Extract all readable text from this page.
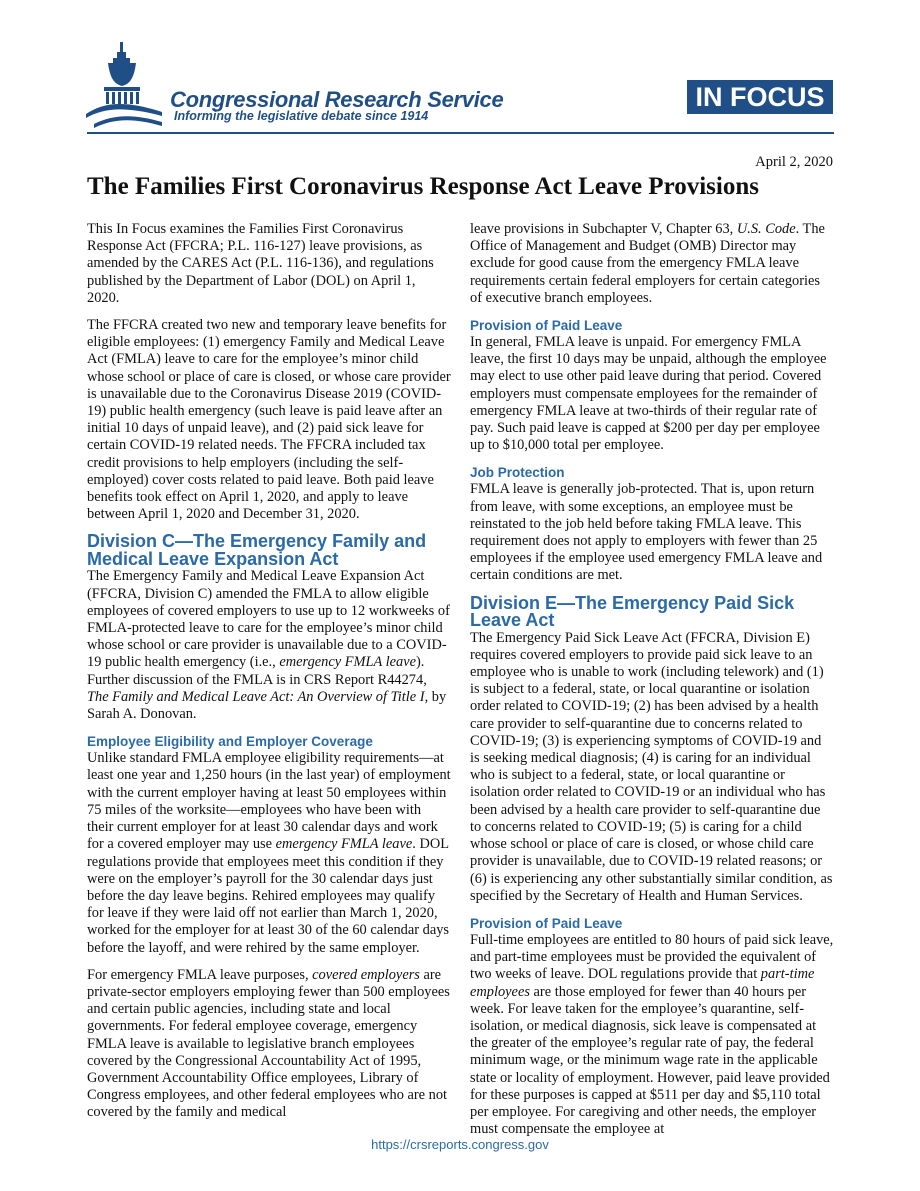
Congressional Research Service
Informing the legislative debate since 1914
IN FOCUS
April 2, 2020
The Families First Coronavirus Response Act Leave Provisions

This In Focus examines the Families First Coronavirus Response Act (FFCRA; P.L. 116-127) leave provisions, as amended by the CARES Act (P.L. 116-136), and regulations published by the Department of Labor (DOL) on April 1, 2020.

The FFCRA created two new and temporary leave benefits for eligible employees: (1) emergency Family and Medical Leave Act (FMLA) leave to care for the employee’s minor child whose school or place of care is closed, or whose care provider is unavailable due to the Coronavirus Disease 2019 (COVID-19) public health emergency (such leave is paid leave after an initial 10 days of unpaid leave), and (2) paid sick leave for certain COVID-19 related needs. The FFCRA included tax credit provisions to help employers (including the self-employed) cover costs related to paid leave. Both paid leave benefits took effect on April 1, 2020, and apply to leave between April 1, 2020 and December 31, 2020.

Division C—The Emergency Family and Medical Leave Expansion Act

The Emergency Family and Medical Leave Expansion Act (FFCRA, Division C) amended the FMLA to allow eligible employees of covered employers to use up to 12 workweeks of FMLA-protected leave to care for the employee’s minor child whose school or care provider is unavailable due to a COVID-19 public health emergency (i.e., emergency FMLA leave). Further discussion of the FMLA is in CRS Report R44274, The Family and Medical Leave Act: An Overview of Title I, by Sarah A. Donovan.

Employee Eligibility and Employer Coverage

Unlike standard FMLA employee eligibility requirements—at least one year and 1,250 hours (in the last year) of employment with the current employer having at least 50 employees within 75 miles of the worksite—employees who have been with their current employer for at least 30 calendar days and work for a covered employer may use emergency FMLA leave. DOL regulations provide that employees meet this condition if they were on the employer’s payroll for the 30 calendar days just before the day leave begins. Rehired employees may qualify for leave if they were laid off not earlier than March 1, 2020, worked for the employer for at least 30 of the 60 calendar days before the layoff, and were rehired by the same employer.

For emergency FMLA leave purposes, covered employers are private-sector employers employing fewer than 500 employees and certain public agencies, including state and local governments. For federal employee coverage, emergency FMLA leave is available to legislative branch employees covered by the Congressional Accountability Act of 1995, Government Accountability Office employees, Library of Congress employees, and other federal employees who are not covered by the family and medical

leave provisions in Subchapter V, Chapter 63, U.S. Code. The Office of Management and Budget (OMB) Director may exclude for good cause from the emergency FMLA leave requirements certain federal employers for certain categories of executive branch employees.

Provision of Paid Leave

In general, FMLA leave is unpaid. For emergency FMLA leave, the first 10 days may be unpaid, although the employee may elect to use other paid leave during that period. Covered employers must compensate employees for the remainder of emergency FMLA leave at two-thirds of their regular rate of pay. Such paid leave is capped at $200 per day per employee up to $10,000 total per employee.

Job Protection

FMLA leave is generally job-protected. That is, upon return from leave, with some exceptions, an employee must be reinstated to the job held before taking FMLA leave. This requirement does not apply to employers with fewer than 25 employees if the employee used emergency FMLA leave and certain conditions are met.

Division E—The Emergency Paid Sick Leave Act

The Emergency Paid Sick Leave Act (FFCRA, Division E) requires covered employers to provide paid sick leave to an employee who is unable to work (including telework) and (1) is subject to a federal, state, or local quarantine or isolation order related to COVID-19; (2) has been advised by a health care provider to self-quarantine due to concerns related to COVID-19; (3) is experiencing symptoms of COVID-19 and is seeking medical diagnosis; (4) is caring for an individual who is subject to a federal, state, or local quarantine or isolation order related to COVID-19 or an individual who has been advised by a health care provider to self-quarantine due to concerns related to COVID-19; (5) is caring for a child whose school or place of care is closed, or whose child care provider is unavailable, due to COVID-19 related reasons; or (6) is experiencing any other substantially similar condition, as specified by the Secretary of Health and Human Services.

Provision of Paid Leave

Full-time employees are entitled to 80 hours of paid sick leave, and part-time employees must be provided the equivalent of two weeks of leave. DOL regulations provide that part-time employees are those employed for fewer than 40 hours per week. For leave taken for the employee’s quarantine, self-isolation, or medical diagnosis, sick leave is compensated at the greater of the employee’s regular rate of pay, the federal minimum wage, or the minimum wage rate in the applicable state or locality of employment. However, paid leave provided for these purposes is capped at $511 per day and $5,110 total per employee. For caregiving and other needs, the employer must compensate the employee at

https://crsreports.congress.gov
